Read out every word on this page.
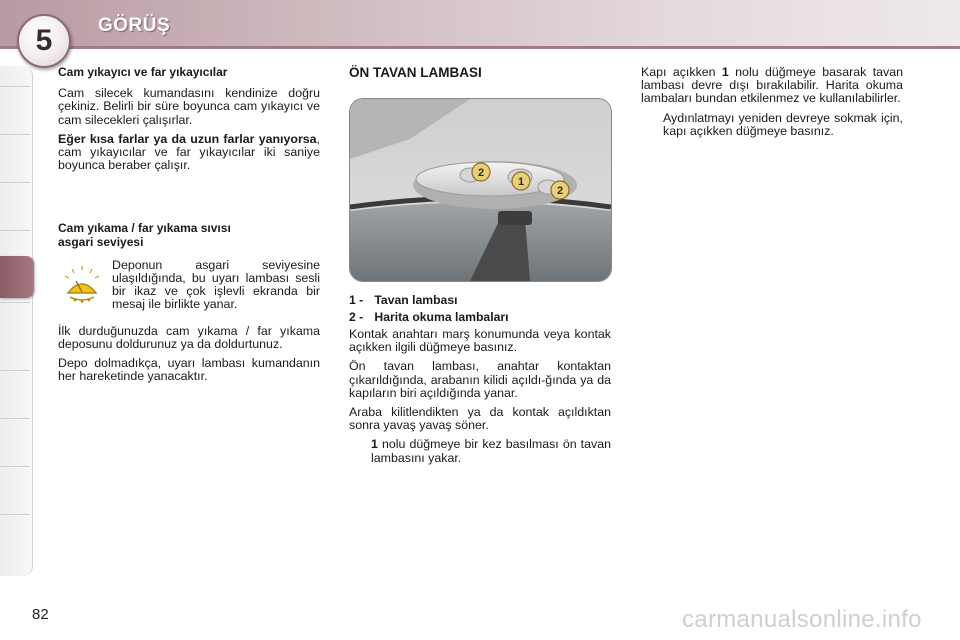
5 GÖRÜŞ

Cam yıkayıcı ve far yıkayıcılar

Cam silecek kumandasını kendinize doğru çekiniz. Belirli bir süre boyunca cam yıkayıcı ve cam silecekleri çalışırlar.

Eğer kısa farlar ya da uzun farlar yanıyorsa, cam yıkayıcılar ve far yıkayıcılar iki saniye boyunca beraber çalışır.

Cam yıkama / far yıkama sıvısı
asgari seviyesi

Deponun asgari seviyesine ulaşıldığında, bu uyarı lambası sesli bir ikaz ve çok işlevli ekranda bir mesaj ile birlikte yanar.

İlk durduğunuzda cam yıkama / far yıkama deposunu doldurunuz ya da doldurtunuz.

Depo dolmadıkça, uyarı lambası kumandanın her hareketinde yanacaktır.

ÖN TAVAN LAMBASI

2
1
2
1 - Tavan lambası
2 - Harita okuma lambaları

Kontak anahtarı marş konumunda veya kontak açıkken ilgili düğmeye basınız.

Ön tavan lambası, anahtar kontaktan çıkarıldığında, arabanın kilidi açıldı-ğında ya da kapıların biri açıldığında yanar.

Araba kilitlendikten ya da kontak açıldıktan sonra yavaş yavaş söner.

1 nolu düğmeye bir kez basılması ön tavan lambasını yakar.

Kapı açıkken 1 nolu düğmeye basarak tavan lambası devre dışı bırakılabilir. Harita okuma lambaları bundan etkilenmez ve kullanılabilirler.

Aydınlatmayı yeniden devreye sokmak için, kapı açıkken düğmeye basınız.
82	carmanualsonline.info
